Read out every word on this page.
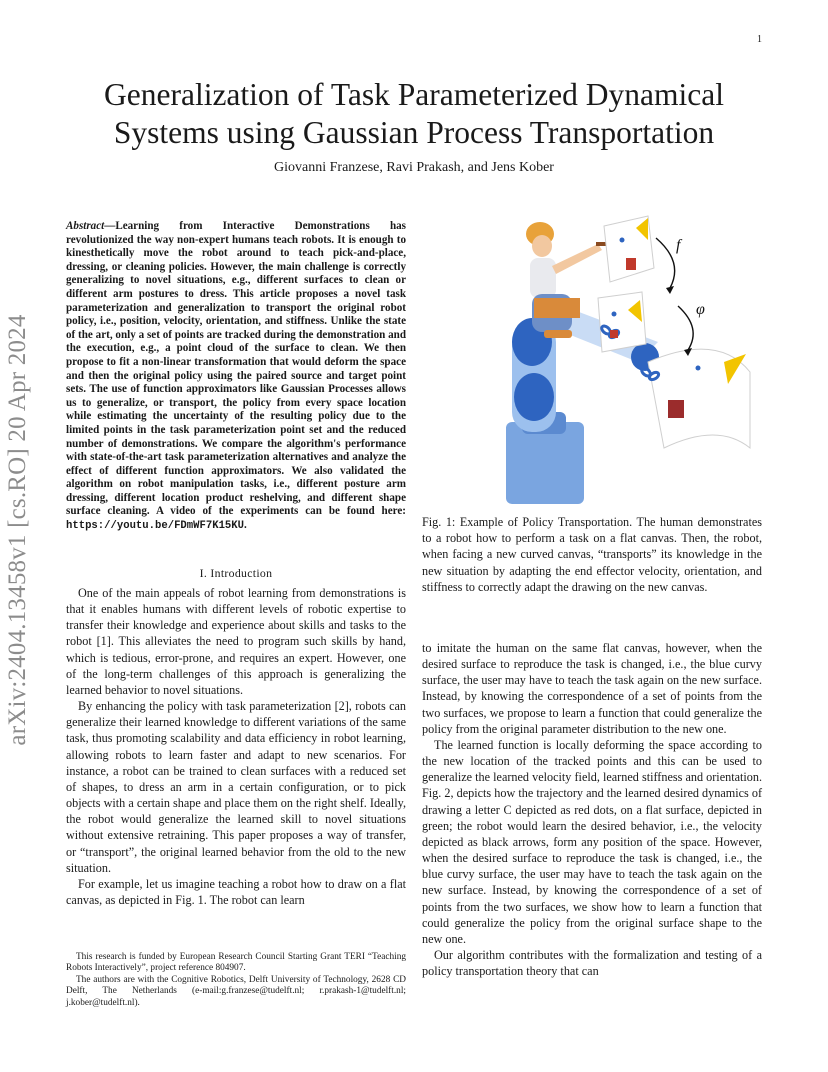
1
arXiv:2404.13458v1 [cs.RO] 20 Apr 2024
Generalization of Task Parameterized Dynamical Systems using Gaussian Process Transportation
Giovanni Franzese, Ravi Prakash, and Jens Kober
Abstract—Learning from Interactive Demonstrations has revolutionized the way non-expert humans teach robots. It is enough to kinesthetically move the robot around to teach pick-and-place, dressing, or cleaning policies. However, the main challenge is correctly generalizing to novel situations, e.g., different surfaces to clean or different arm postures to dress. This article proposes a novel task parameterization and generalization to transport the original robot policy, i.e., position, velocity, orientation, and stiffness. Unlike the state of the art, only a set of points are tracked during the demonstration and the execution, e.g., a point cloud of the surface to clean. We then propose to fit a non-linear transformation that would deform the space and then the original policy using the paired source and target point sets. The use of function approximators like Gaussian Processes allows us to generalize, or transport, the policy from every space location while estimating the uncertainty of the resulting policy due to the limited points in the task parameterization point set and the reduced number of demonstrations. We compare the algorithm's performance with state-of-the-art task parameterization alternatives and analyze the effect of different function approximators. We also validated the algorithm on robot manipulation tasks, i.e., different posture arm dressing, different location product reshelving, and different shape surface cleaning. A video of the experiments can be found here: https://youtu.be/FDmWF7K15KU.
I. Introduction

One of the main appeals of robot learning from demonstrations is that it enables humans with different levels of robotic expertise to transfer their knowledge and experience about skills and tasks to the robot [1]. This alleviates the need to program such skills by hand, which is tedious, error-prone, and requires an expert. However, one of the long-term challenges of this approach is generalizing the learned behavior to novel situations.

By enhancing the policy with task parameterization [2], robots can generalize their learned knowledge to different variations of the same task, thus promoting scalability and data efficiency in robot learning, allowing robots to learn faster and adapt to new scenarios. For instance, a robot can be trained to clean surfaces with a reduced set of shapes, to dress an arm in a certain configuration, or to pick objects with a certain shape and place them on the right shelf. Ideally, the robot would generalize the learned skill to novel situations without extensive retraining. This paper proposes a way of transfer, or “transport”, the original learned behavior from the old to the new situation.

For example, let us imagine teaching a robot how to draw on a flat canvas, as depicted in Fig. 1. The robot can learn

This research is funded by European Research Council Starting Grant TERI “Teaching Robots Interactively”, project reference 804907.

The authors are with the Cognitive Robotics, Delft University of Technology, 2628 CD Delft, The Netherlands (e-mail:g.franzese@tudelft.nl; r.prakash-1@tudelft.nl; j.kober@tudelft.nl).

f
φ
Fig. 1: Example of Policy Transportation. The human demonstrates to a robot how to perform a task on a flat canvas. Then, the robot, when facing a new curved canvas, “transports” its knowledge in the new situation by adapting the end effector velocity, orientation, and stiffness to correctly adapt the drawing on the new canvas.

to imitate the human on the same flat canvas, however, when the desired surface to reproduce the task is changed, i.e., the blue curvy surface, the user may have to teach the task again on the new surface. Instead, by knowing the correspondence of a set of points from the two surfaces, we propose to learn a function that could generalize the policy from the original parameter distribution to the new one.

The learned function is locally deforming the space according to the new location of the tracked points and this can be used to generalize the learned velocity field, learned stiffness and orientation. Fig. 2, depicts how the trajectory and the learned desired dynamics of drawing a letter C depicted as red dots, on a flat surface, depicted in green; the robot would learn the desired behavior, i.e., the velocity depicted as black arrows, form any position of the space. However, when the desired surface to reproduce the task is changed, i.e., the blue curvy surface, the user may have to teach the task again on the new surface. Instead, by knowing the correspondence of a set of points from the two surfaces, we show how to learn a function that could generalize the policy from the original surface shape to the new one.

Our algorithm contributes with the formalization and testing of a policy transportation theory that can
